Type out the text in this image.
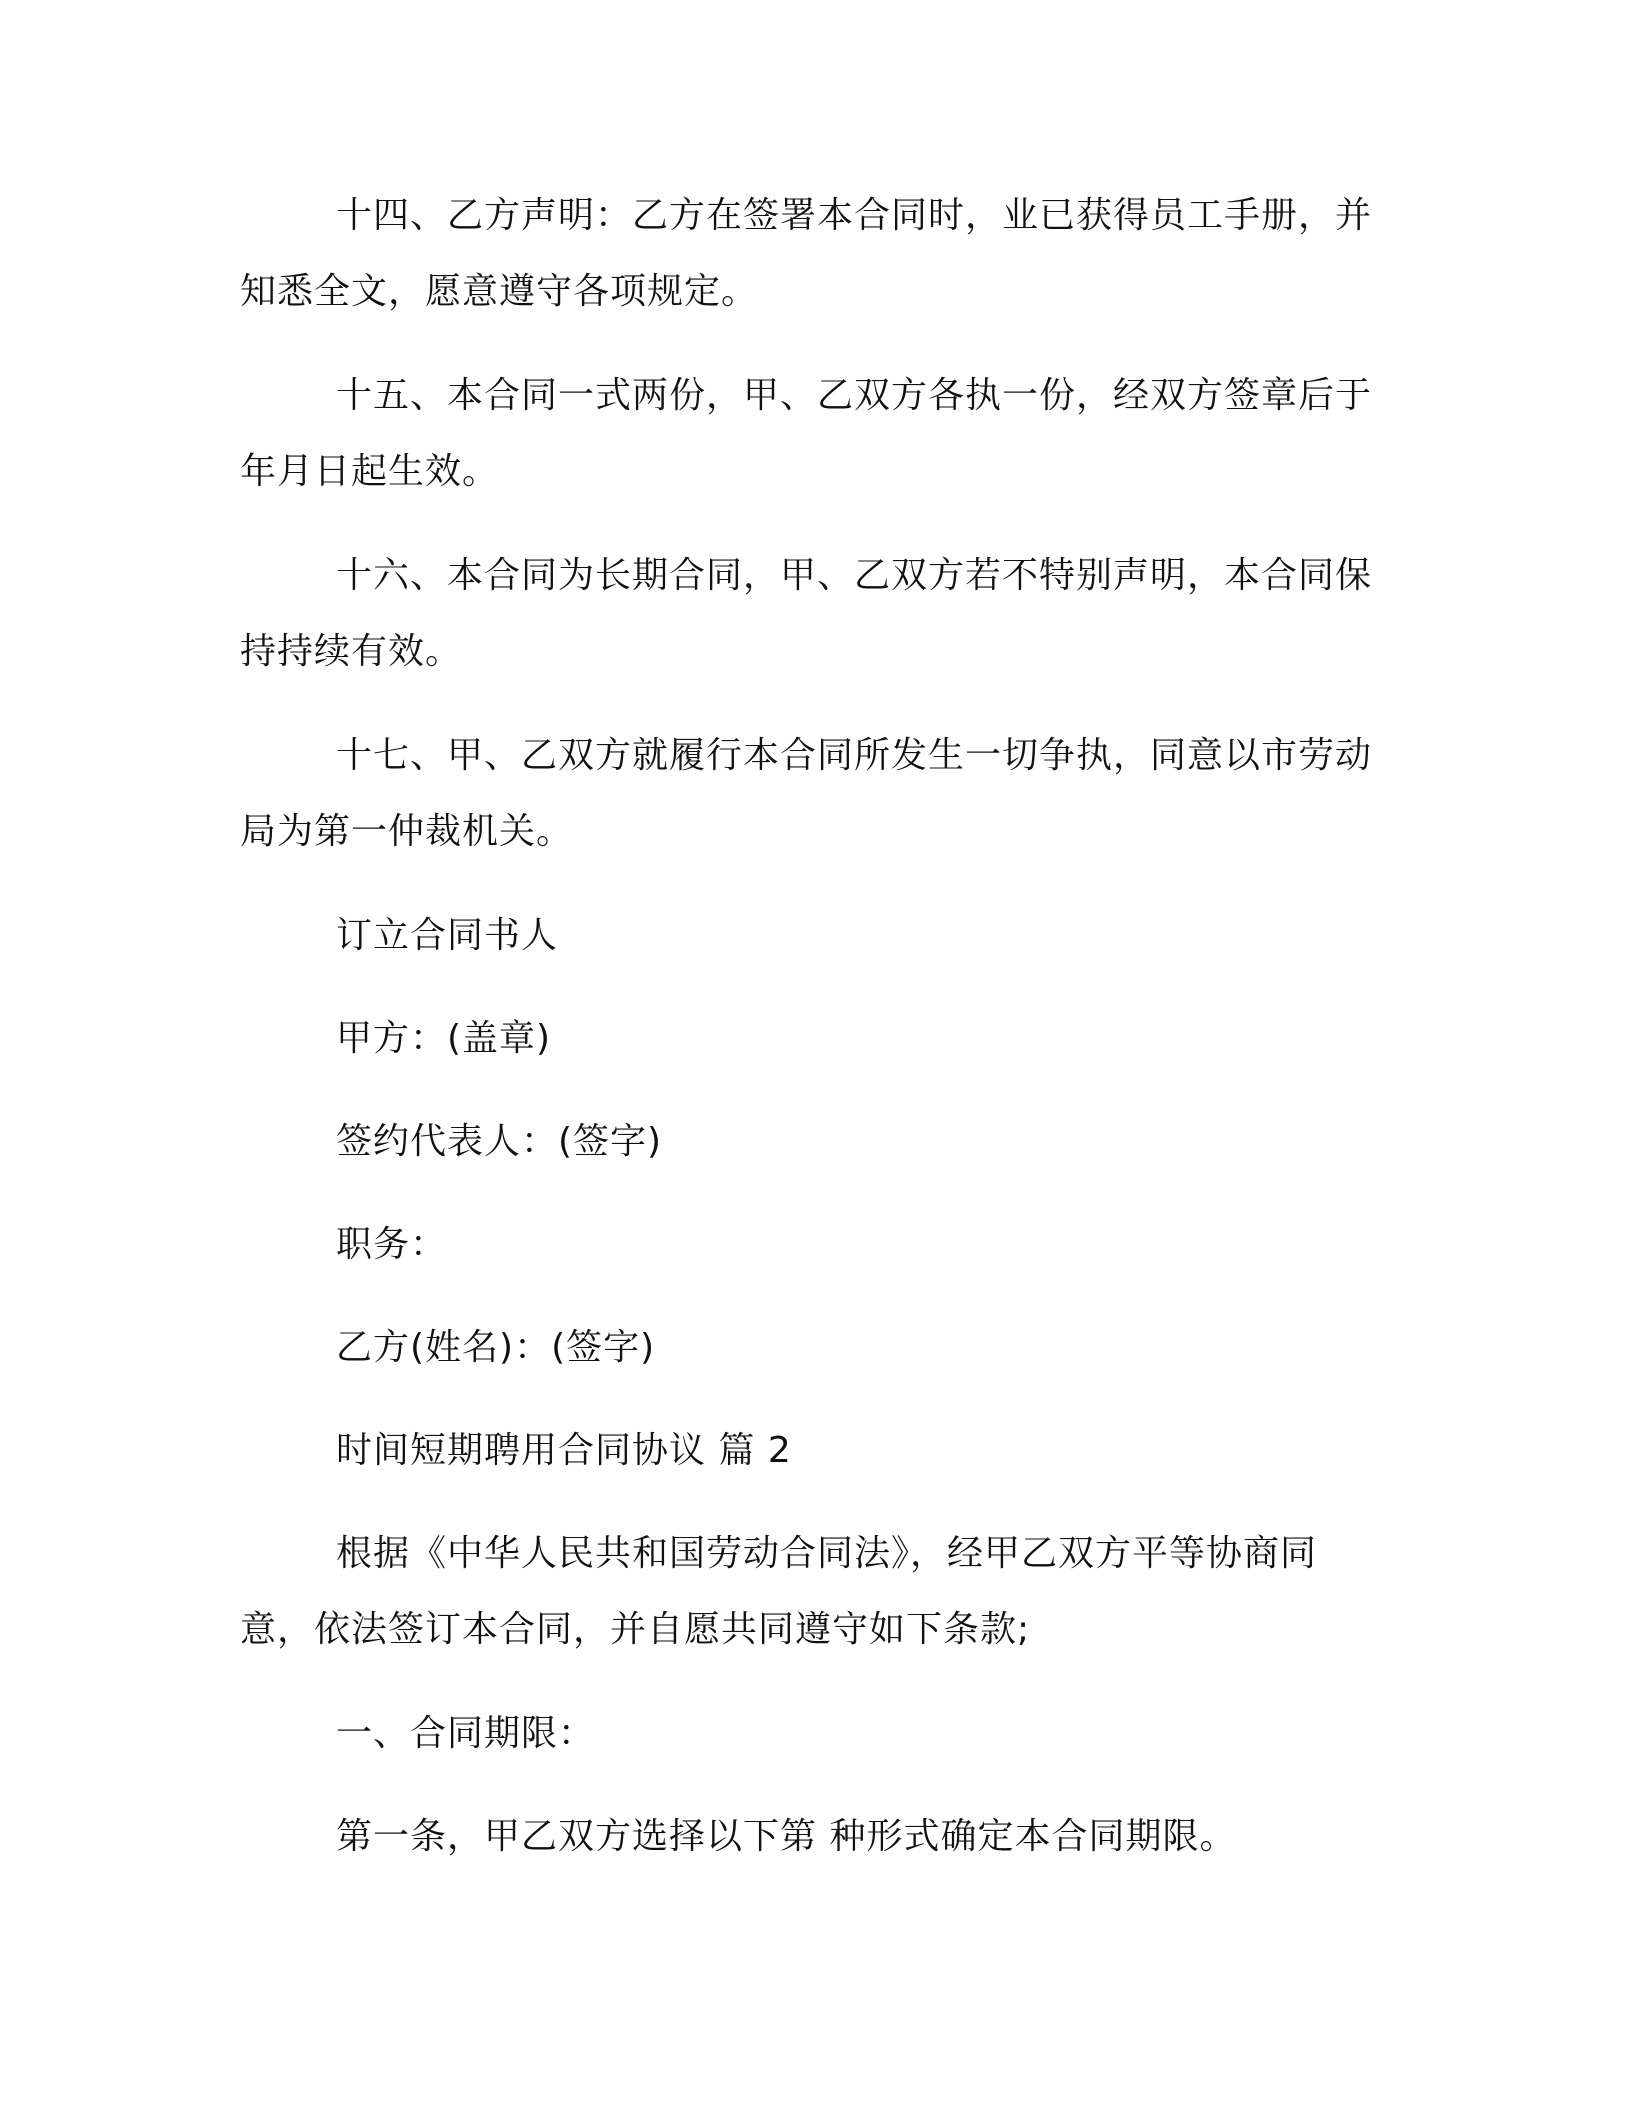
十四、乙方声明：乙方在签署本合同时，业已获得员工手册，并知悉全文，愿意遵守各项规定。

十五、本合同一式两份，甲、乙双方各执一份，经双方签章后于年月日起生效。

十六、本合同为长期合同，甲、乙双方若不特别声明，本合同保持持续有效。

十七、甲、乙双方就履行本合同所发生一切争执，同意以市劳动局为第一仲裁机关。

订立合同书人

甲方：(盖章)

签约代表人：(签字)

职务：

乙方(姓名)：(签字)

时间短期聘用合同协议 篇 2

根据《中华人民共和国劳动合同法》，经甲乙双方平等协商同意，依法签订本合同，并自愿共同遵守如下条款;

一、合同期限：

第一条，甲乙双方选择以下第 种形式确定本合同期限。
